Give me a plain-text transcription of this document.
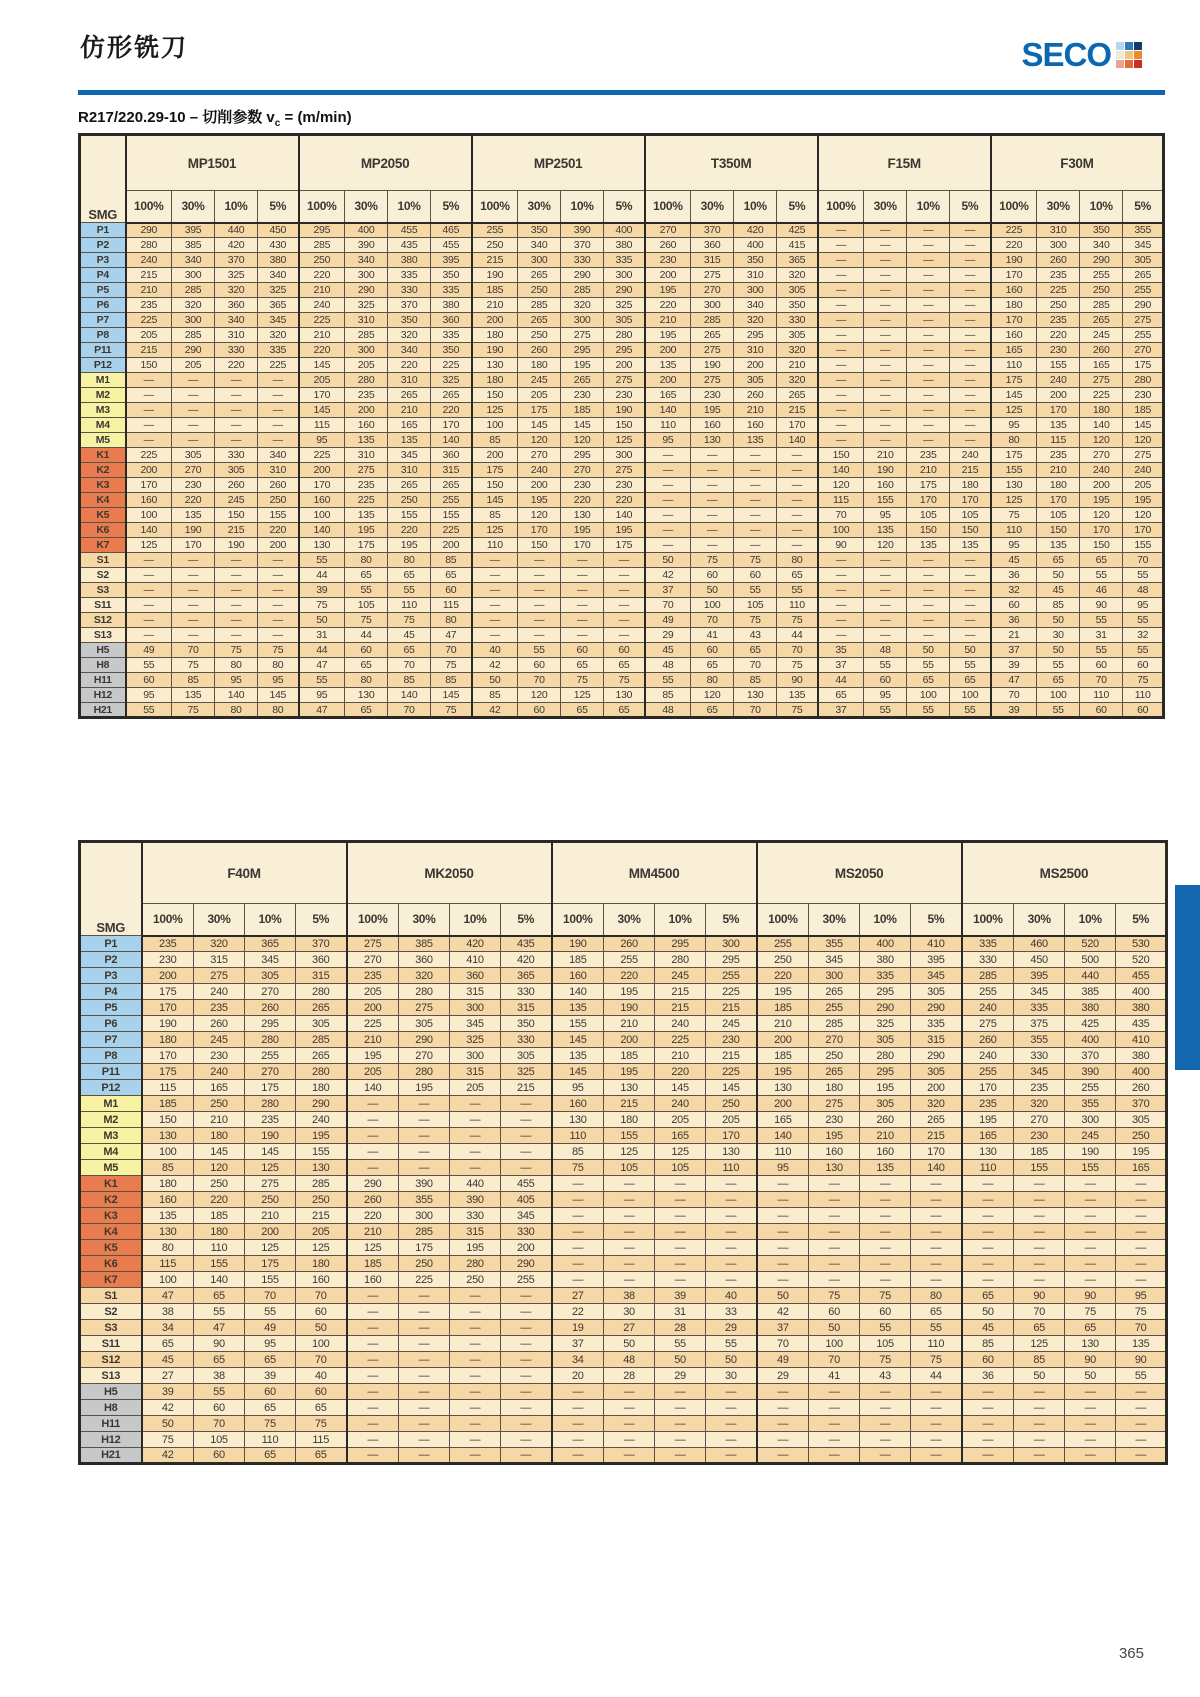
仿形铣刀	SECO
R217/220.29-10 – 切削参数 $v_c = (m/\min)$
SMG	MP1501				MP2050				MP2501				T350M				F15M				F30M			
	100%	30%	10%	5%	100%	30%	10%	5%	100%	30%	10%	5%	100%	30%	10%	5%	100%	30%	10%	5%	100%	30%	10%	5%
P1	290	395	440	450	295	400	455	465	255	350	390	400	270	370	420	425	—	—	—	—	225	310	350	355
P2	280	385	420	430	285	390	435	455	250	340	370	380	260	360	400	415	—	—	—	—	220	300	340	345
P3	240	340	370	380	250	340	380	395	215	300	330	335	230	315	350	365	—	—	—	—	190	260	290	305
P4	215	300	325	340	220	300	335	350	190	265	290	300	200	275	310	320	—	—	—	—	170	235	255	265
P5	210	285	320	325	210	290	330	335	185	250	285	290	195	270	300	305	—	—	—	—	160	225	250	255
P6	235	320	360	365	240	325	370	380	210	285	320	325	220	300	340	350	—	—	—	—	180	250	285	290
P7	225	300	340	345	225	310	350	360	200	265	300	305	210	285	320	330	—	—	—	—	170	235	265	275
P8	205	285	310	320	210	285	320	335	180	250	275	280	195	265	295	305	—	—	—	—	160	220	245	255
P11	215	290	330	335	220	300	340	350	190	260	295	295	200	275	310	320	—	—	—	—	165	230	260	270
P12	150	205	220	225	145	205	220	225	130	180	195	200	135	190	200	210	—	—	—	—	110	155	165	175
M1	—	—	—	—	205	280	310	325	180	245	265	275	200	275	305	320	—	—	—	—	175	240	275	280
M2	—	—	—	—	170	235	265	265	150	205	230	230	165	230	260	265	—	—	—	—	145	200	225	230
M3	—	—	—	—	145	200	210	220	125	175	185	190	140	195	210	215	—	—	—	—	125	170	180	185
M4	—	—	—	—	115	160	165	170	100	145	145	150	110	160	160	170	—	—	—	—	95	135	140	145
M5	—	—	—	—	95	135	135	140	85	120	120	125	95	130	135	140	—	—	—	—	80	115	120	120
K1	225	305	330	340	225	310	345	360	200	270	295	300	—	—	—	—	150	210	235	240	175	235	270	275
K2	200	270	305	310	200	275	310	315	175	240	270	275	—	—	—	—	140	190	210	215	155	210	240	240
K3	170	230	260	260	170	235	265	265	150	200	230	230	—	—	—	—	120	160	175	180	130	180	200	205
K4	160	220	245	250	160	225	250	255	145	195	220	220	—	—	—	—	115	155	170	170	125	170	195	195
K5	100	135	150	155	100	135	155	155	85	120	130	140	—	—	—	—	70	95	105	105	75	105	120	120
K6	140	190	215	220	140	195	220	225	125	170	195	195	—	—	—	—	100	135	150	150	110	150	170	170
K7	125	170	190	200	130	175	195	200	110	150	170	175	—	—	—	—	90	120	135	135	95	135	150	155
S1	—	—	—	—	55	80	80	85	—	—	—	—	50	75	75	80	—	—	—	—	45	65	65	70
S2	—	—	—	—	44	65	65	65	—	—	—	—	42	60	60	65	—	—	—	—	36	50	55	55
S3	—	—	—	—	39	55	55	60	—	—	—	—	37	50	55	55	—	—	—	—	32	45	46	48
S11	—	—	—	—	75	105	110	115	—	—	—	—	70	100	105	110	—	—	—	—	60	85	90	95
S12	—	—	—	—	50	75	75	80	—	—	—	—	49	70	75	75	—	—	—	—	36	50	55	55
S13	—	—	—	—	31	44	45	47	—	—	—	—	29	41	43	44	—	—	—	—	21	30	31	32
H5	49	70	75	75	44	60	65	70	40	55	60	60	45	60	65	70	35	48	50	50	37	50	55	55
H8	55	75	80	80	47	65	70	75	42	60	65	65	48	65	70	75	37	55	55	55	39	55	60	60
H11	60	85	95	95	55	80	85	85	50	70	75	75	55	80	85	90	44	60	65	65	47	65	70	75
H12	95	135	140	145	95	130	140	145	85	120	125	130	85	120	130	135	65	95	100	100	70	100	110	110
H21	55	75	80	80	47	65	70	75	42	60	65	65	48	65	70	75	37	55	55	55	39	55	60	60
SMG	F40M				MK2050				MM4500				MS2050				MS2500			
	100%	30%	10%	5%	100%	30%	10%	5%	100%	30%	10%	5%	100%	30%	10%	5%	100%	30%	10%	5%
P1	235	320	365	370	275	385	420	435	190	260	295	300	255	355	400	410	335	460	520	530
P2	230	315	345	360	270	360	410	420	185	255	280	295	250	345	380	395	330	450	500	520
P3	200	275	305	315	235	320	360	365	160	220	245	255	220	300	335	345	285	395	440	455
P4	175	240	270	280	205	280	315	330	140	195	215	225	195	265	295	305	255	345	385	400
P5	170	235	260	265	200	275	300	315	135	190	215	215	185	255	290	290	240	335	380	380
P6	190	260	295	305	225	305	345	350	155	210	240	245	210	285	325	335	275	375	425	435
P7	180	245	280	285	210	290	325	330	145	200	225	230	200	270	305	315	260	355	400	410
P8	170	230	255	265	195	270	300	305	135	185	210	215	185	250	280	290	240	330	370	380
P11	175	240	270	280	205	280	315	325	145	195	220	225	195	265	295	305	255	345	390	400
P12	115	165	175	180	140	195	205	215	95	130	145	145	130	180	195	200	170	235	255	260
M1	185	250	280	290	—	—	—	—	160	215	240	250	200	275	305	320	235	320	355	370
M2	150	210	235	240	—	—	—	—	130	180	205	205	165	230	260	265	195	270	300	305
M3	130	180	190	195	—	—	—	—	110	155	165	170	140	195	210	215	165	230	245	250
M4	100	145	145	155	—	—	—	—	85	125	125	130	110	160	160	170	130	185	190	195
M5	85	120	125	130	—	—	—	—	75	105	105	110	95	130	135	140	110	155	155	165
K1	180	250	275	285	290	390	440	455	—	—	—	—	—	—	—	—	—	—	—	—
K2	160	220	250	250	260	355	390	405	—	—	—	—	—	—	—	—	—	—	—	—
K3	135	185	210	215	220	300	330	345	—	—	—	—	—	—	—	—	—	—	—	—
K4	130	180	200	205	210	285	315	330	—	—	—	—	—	—	—	—	—	—	—	—
K5	80	110	125	125	125	175	195	200	—	—	—	—	—	—	—	—	—	—	—	—
K6	115	155	175	180	185	250	280	290	—	—	—	—	—	—	—	—	—	—	—	—
K7	100	140	155	160	160	225	250	255	—	—	—	—	—	—	—	—	—	—	—	—
S1	47	65	70	70	—	—	—	—	27	38	39	40	50	75	75	80	65	90	90	95
S2	38	55	55	60	—	—	—	—	22	30	31	33	42	60	60	65	50	70	75	75
S3	34	47	49	50	—	—	—	—	19	27	28	29	37	50	55	55	45	65	65	70
S11	65	90	95	100	—	—	—	—	37	50	55	55	70	100	105	110	85	125	130	135
S12	45	65	65	70	—	—	—	—	34	48	50	50	49	70	75	75	60	85	90	90
S13	27	38	39	40	—	—	—	—	20	28	29	30	29	41	43	44	36	50	50	55
H5	39	55	60	60	—	—	—	—	—	—	—	—	—	—	—	—	—	—	—	—
H8	42	60	65	65	—	—	—	—	—	—	—	—	—	—	—	—	—	—	—	—
H11	50	70	75	75	—	—	—	—	—	—	—	—	—	—	—	—	—	—	—	—
H12	75	105	110	115	—	—	—	—	—	—	—	—	—	—	—	—	—	—	—	—
H21	42	60	65	65	—	—	—	—	—	—	—	—	—	—	—	—	—	—	—	—
365
